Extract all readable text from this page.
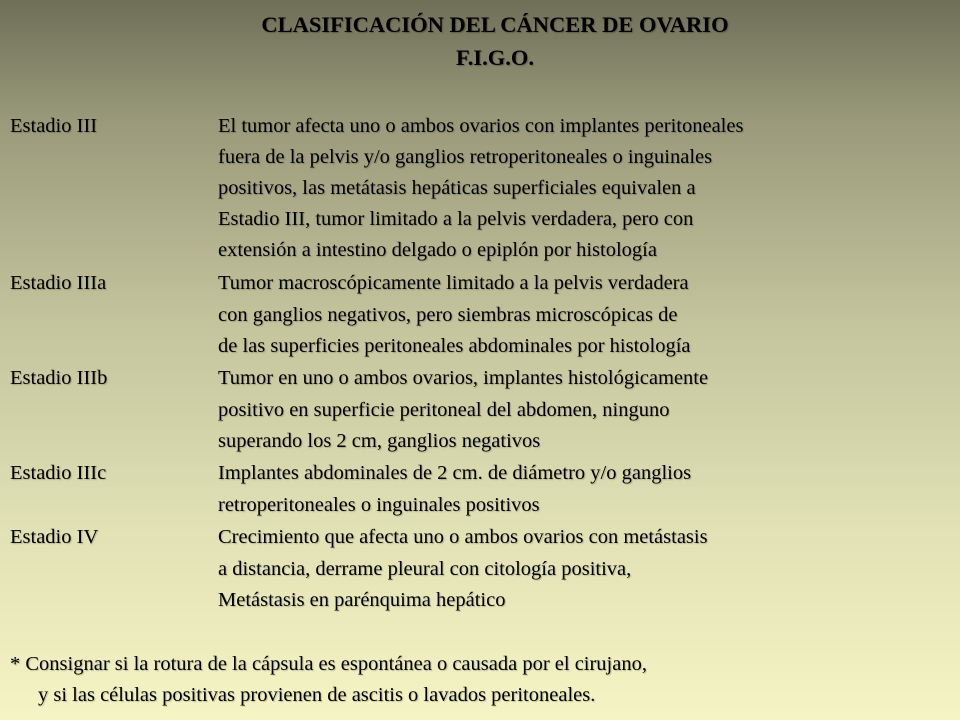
CLASIFICACIÓN DEL CÁNCER DE OVARIO
F.I.G.O.
Estadio III	El tumor afecta uno o ambos ovarios con implantes peritoneales
fuera de la pelvis y/o ganglios retroperitoneales o inguinales
positivos, las metátasis hepáticas superficiales equivalen a
Estadio III, tumor limitado a la pelvis verdadera, pero con
extensión a intestino delgado o epiplón por histología
Estadio IIIa	Tumor macroscópicamente limitado a la pelvis verdadera
con ganglios negativos, pero siembras microscópicas de
de las superficies peritoneales abdominales por histología
Estadio IIIb	Tumor en uno o ambos ovarios, implantes histológicamente
positivo en superficie peritoneal del abdomen, ninguno
superando los 2 cm, ganglios negativos
Estadio IIIc	Implantes abdominales de 2 cm. de diámetro y/o ganglios
retroperitoneales o inguinales positivos
Estadio IV	Crecimiento que afecta uno o ambos ovarios con metástasis
a distancia, derrame pleural con citología positiva,
Metástasis en parénquima hepático
* Consignar si la rotura de la cápsula es espontánea o causada por el cirujano,
y si las células positivas provienen de ascitis o lavados peritoneales.
